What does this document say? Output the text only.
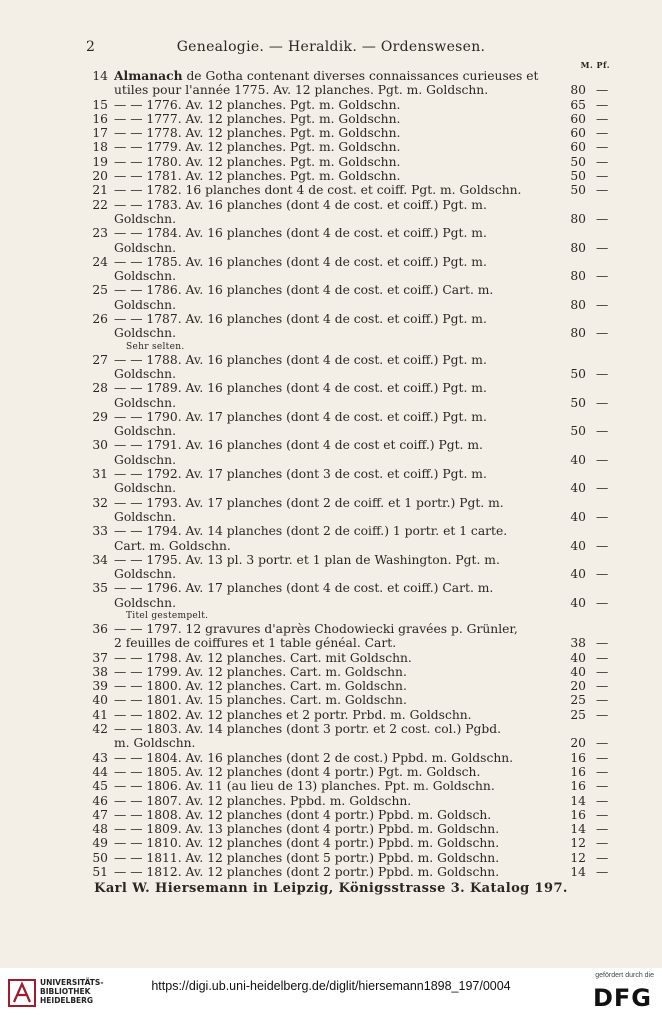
2	Genealogie. — Heraldik. — Ordenswesen.
M. Pf.
14 Almanach de Gotha contenant diverses connaissances curieuses et
utiles pour l'année 1775. Av. 12 planches. Pgt. m. Goldschn.	80 —
15 — — 1776. Av. 12 planches. Pgt. m. Goldschn.	65 —
16 — — 1777. Av. 12 planches. Pgt. m. Goldschn.	60 —
17 — — 1778. Av. 12 planches. Pgt. m. Goldschn.	60 —
18 — — 1779. Av. 12 planches. Pgt. m. Goldschn.	60 —
19 — — 1780. Av. 12 planches. Pgt. m. Goldschn.	50 —
20 — — 1781. Av. 12 planches. Pgt. m. Goldschn.	50 —
21 — — 1782. 16 planches dont 4 de cost. et coiff. Pgt. m. Goldschn.	50 —
22 — — 1783. Av. 16 planches (dont 4 de cost. et coiff.) Pgt. m.
Goldschn.	80 —
23 — — 1784. Av. 16 planches (dont 4 de cost. et coiff.) Pgt. m.
Goldschn.	80 —
24 — — 1785. Av. 16 planches (dont 4 de cost. et coiff.) Pgt. m.
Goldschn.	80 —
25 — — 1786. Av. 16 planches (dont 4 de cost. et coiff.) Cart. m.
Goldschn.	80 —
26 — — 1787. Av. 16 planches (dont 4 de cost. et coiff.) Pgt. m.
Goldschn.	80 —
Sehr selten.
27 — — 1788. Av. 16 planches (dont 4 de cost. et coiff.) Pgt. m.
Goldschn.	50 —
28 — — 1789. Av. 16 planches (dont 4 de cost. et coiff.) Pgt. m.
Goldschn.	50 —
29 — — 1790. Av. 17 planches (dont 4 de cost. et coiff.) Pgt. m.
Goldschn.	50 —
30 — — 1791. Av. 16 planches (dont 4 de cost et coiff.) Pgt. m.
Goldschn.	40 —
31 — — 1792. Av. 17 planches (dont 3 de cost. et coiff.) Pgt. m.
Goldschn.	40 —
32 — — 1793. Av. 17 planches (dont 2 de coiff. et 1 portr.) Pgt. m.
Goldschn.	40 —
33 — — 1794. Av. 14 planches (dont 2 de coiff.) 1 portr. et 1 carte.
Cart. m. Goldschn.	40 —
34 — — 1795. Av. 13 pl. 3 portr. et 1 plan de Washington. Pgt. m.
Goldschn.	40 —
35 — — 1796. Av. 17 planches (dont 4 de cost. et coiff.) Cart. m.
Goldschn.	40 —
Titel gestempelt.
36 — — 1797. 12 gravures d'après Chodowiecki gravées p. Grünler,
2 feuilles de coiffures et 1 table généal. Cart.	38 —
37 — — 1798. Av. 12 planches. Cart. mit Goldschn.	40 —
38 — — 1799. Av. 12 planches. Cart. m. Goldschn.	40 —
39 — — 1800. Av. 12 planches. Cart. m. Goldschn.	20 —
40 — — 1801. Av. 15 planches. Cart. m. Goldschn.	25 —
41 — — 1802. Av. 12 planches et 2 portr. Prbd. m. Goldschn.	25 —
42 — — 1803. Av. 14 planches (dont 3 portr. et 2 cost. col.) Pgbd.
m. Goldschn.	20 —
43 — — 1804. Av. 16 planches (dont 2 de cost.) Ppbd. m. Goldschn.	16 —
44 — — 1805. Av. 12 planches (dont 4 portr.) Pgt. m. Goldsch.	16 —
45 — — 1806. Av. 11 (au lieu de 13) planches. Ppt. m. Goldschn.	16 —
46 — — 1807. Av. 12 planches. Ppbd. m. Goldschn.	14 —
47 — — 1808. Av. 12 planches (dont 4 portr.) Ppbd. m. Goldsch.	16 —
48 — — 1809. Av. 13 planches (dont 4 portr.) Ppbd. m. Goldschn.	14 —
49 — — 1810. Av. 12 planches (dont 4 portr.) Ppbd. m. Goldschn.	12 —
50 — — 1811. Av. 12 planches (dont 5 portr.) Ppbd. m. Goldschn.	12 —
51 — — 1812. Av. 12 planches (dont 2 portr.) Ppbd. m. Goldschn.	14 —
Karl W. Hiersemann in Leipzig, Königsstrasse 3. Katalog 197.
UNIVERSITÄTS-
BIBLIOTHEK
HEIDELBERG
https://digi.ub.uni-heidelberg.de/diglit/hiersemann1898_197/0004
gefördert durch die
DFG
